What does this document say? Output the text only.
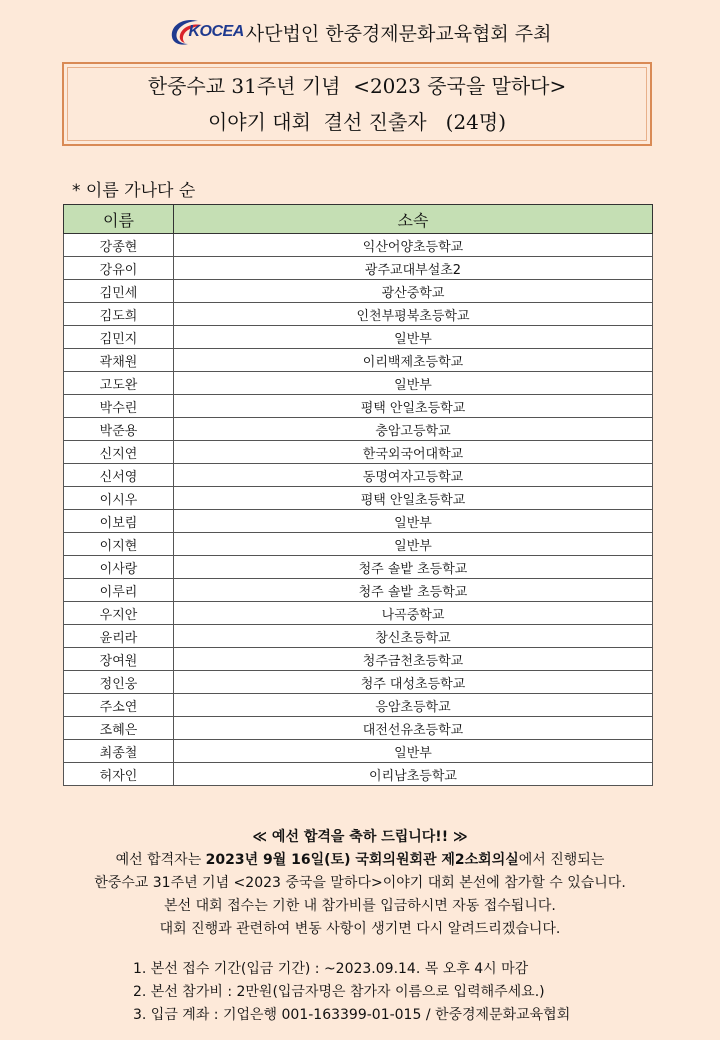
KOCEA 사단법인 한중경제문화교육협회 주최
한중수교 31주년 기념  <2023 중국을 말하다>
이야기 대회  결선 진출자   (24명)
* 이름 가나다 순
이름	소속
강종현	익산어양초등학교
강유이	광주교대부설초2
김민세	광산중학교
김도희	인천부평북초등학교
김민지	일반부
곽채원	이리백제초등학교
고도완	일반부
박수린	평택 안일초등학교
박준용	충암고등학교
신지연	한국외국어대학교
신서영	동명여자고등학교
이시우	평택 안일초등학교
이보림	일반부
이지현	일반부
이사랑	청주 솔밭 초등학교
이루리	청주 솔밭 초등학교
우지안	나곡중학교
윤리라	창신초등학교
장여원	청주금천초등학교
정인웅	청주 대성초등학교
주소연	응암초등학교
조혜은	대전선유초등학교
최종철	일반부
허자인	이리남초등학교
≪ 예선 합격을 축하 드립니다!! ≫
예선 합격자는 2023년 9월 16일(토) 국회의원회관 제2소회의실에서 진행되는
한중수교 31주년 기념 <2023 중국을 말하다>이야기 대회 본선에 참가할 수 있습니다.
본선 대회 접수는 기한 내 참가비를 입금하시면 자동 접수됩니다.
대회 진행과 관련하여 변동 사항이 생기면 다시 알려드리겠습니다.
1. 본선 접수 기간(입금 기간) : ~2023.09.14. 목 오후 4시 마감
2. 본선 참가비 : 2만원(입금자명은 참가자 이름으로 입력해주세요.)
3. 입금 계좌 : 기업은행 001-163399-01-015 / 한중경제문화교육협회
